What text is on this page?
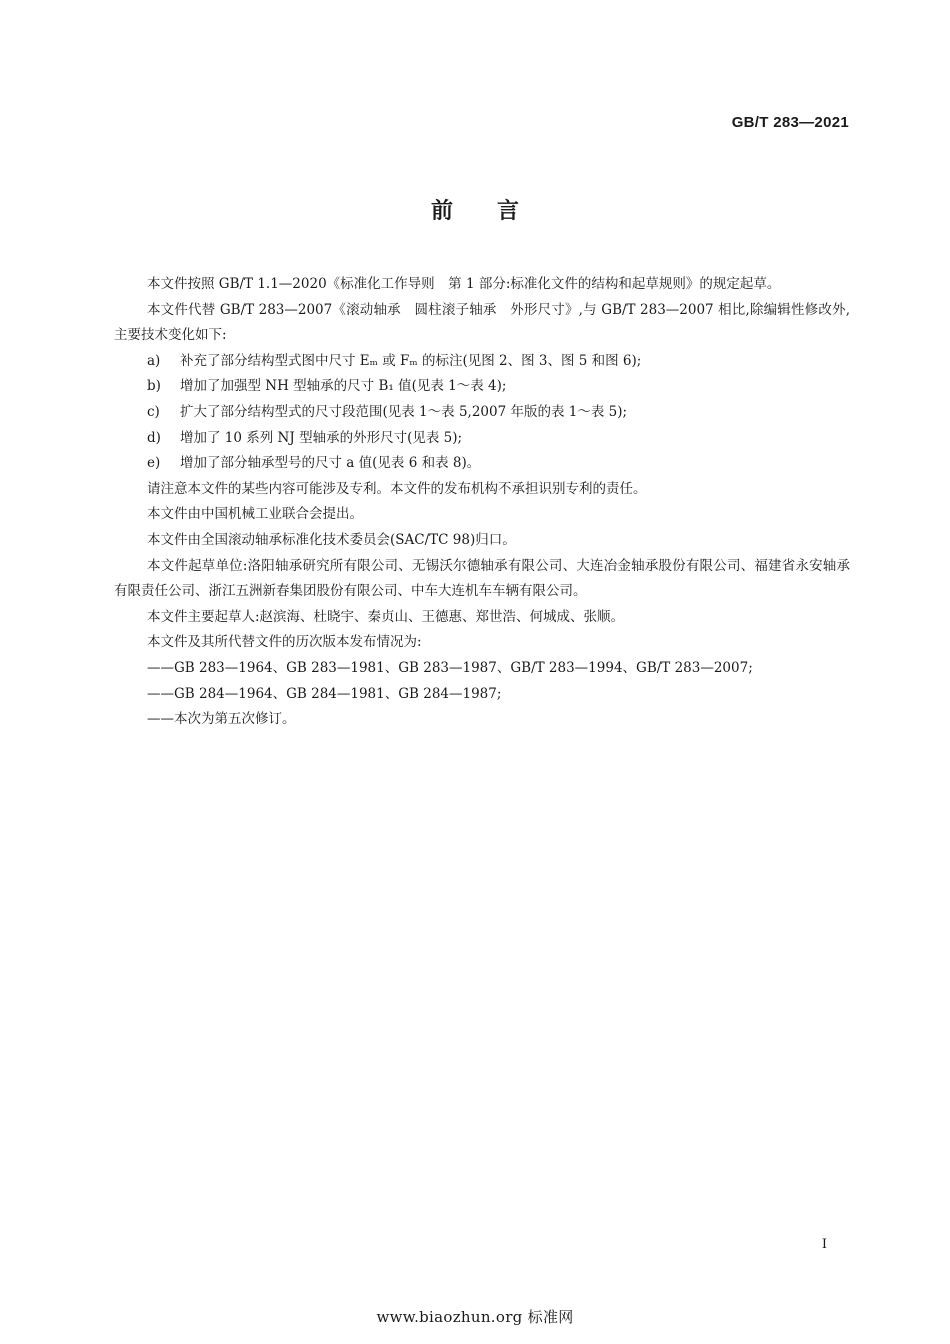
GB/T 283—2021
前言
本文件按照 GB/T 1.1—2020《标准化工作导则　第 1 部分:标准化文件的结构和起草规则》的规定起草。
本文件代替 GB/T 283—2007《滚动轴承　圆柱滚子轴承　外形尺寸》,与 GB/T 283—2007 相比,除编辑性修改外,主要技术变化如下:
a) 补充了部分结构型式图中尺寸 Eₘ 或 Fₘ 的标注(见图 2、图 3、图 5 和图 6);
b) 增加了加强型 NH 型轴承的尺寸 B₁ 值(见表 1～表 4);
c) 扩大了部分结构型式的尺寸段范围(见表 1～表 5,2007 年版的表 1～表 5);
d) 增加了 10 系列 NJ 型轴承的外形尺寸(见表 5);
e) 增加了部分轴承型号的尺寸 a 值(见表 6 和表 8)。
请注意本文件的某些内容可能涉及专利。本文件的发布机构不承担识别专利的责任。
本文件由中国机械工业联合会提出。
本文件由全国滚动轴承标准化技术委员会(SAC/TC 98)归口。
本文件起草单位:洛阳轴承研究所有限公司、无锡沃尔德轴承有限公司、大连冶金轴承股份有限公司、福建省永安轴承有限责任公司、浙江五洲新春集团股份有限公司、中车大连机车车辆有限公司。
本文件主要起草人:赵滨海、杜晓宇、秦贞山、王德惠、郑世浩、何城成、张顺。
本文件及其所代替文件的历次版本发布情况为:
——GB 283—1964、GB 283—1981、GB 283—1987、GB/T 283—1994、GB/T 283—2007;
——GB 284—1964、GB 284—1981、GB 284—1987;
——本次为第五次修订。
I
www.biaozhun.org 标准网
